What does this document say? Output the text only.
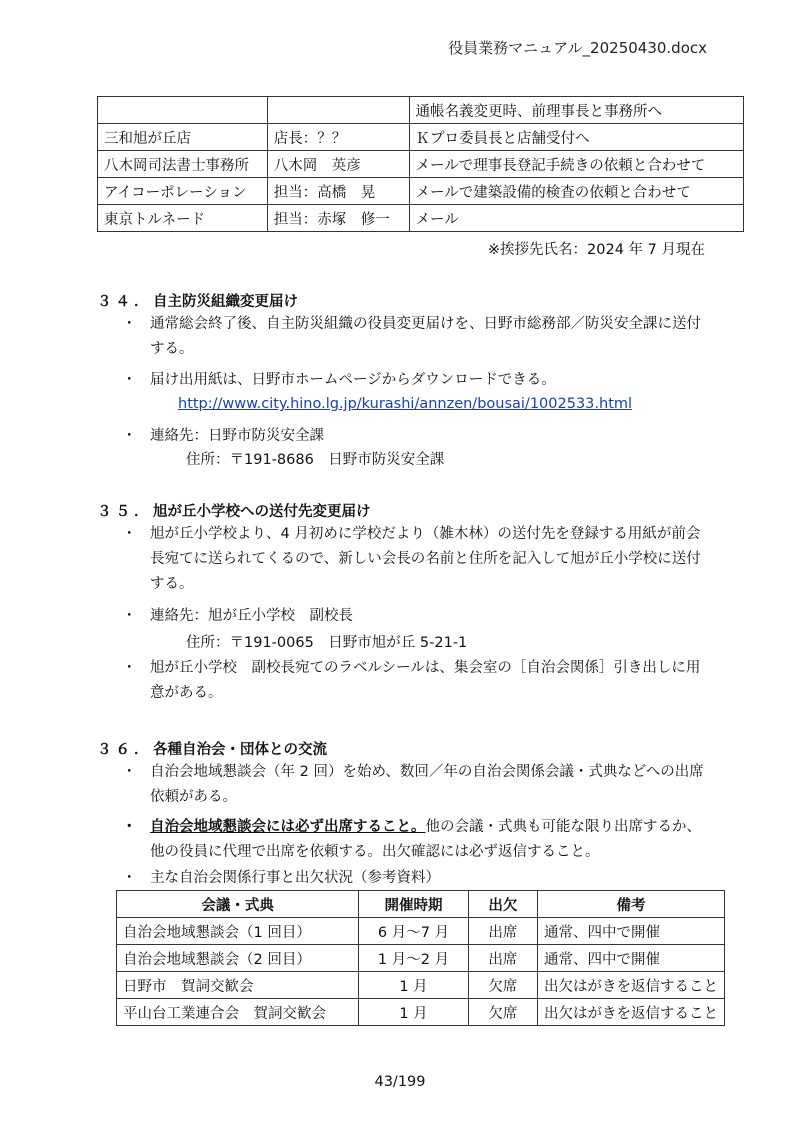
役員業務マニュアル_20250430.docx
		通帳名義変更時、前理事長と事務所へ
三和旭が丘店	店長：？？	Ｋプロ委員長と店舗受付へ
八木岡司法書士事務所	八木岡　英彦	メールで理事長登記手続きの依頼と合わせて
アイコーポレーション	担当：高橋　晃	メールで建築設備的検査の依頼と合わせて
東京トルネード	担当：赤塚　修一	メール
※挨拶先氏名：2024 年 7 月現在
３４．自主防災組織変更届け
・ 通常総会終了後、自主防災組織の役員変更届けを、日野市総務部／防災安全課に送付する。
・ 届け出用紙は、日野市ホームページからダウンロードできる。
http://www.city.hino.lg.jp/kurashi/annzen/bousai/1002533.html
・ 連絡先：日野市防災安全課
住所：〒191-8686　日野市防災安全課
３５．旭が丘小学校への送付先変更届け
・ 旭が丘小学校より、4 月初めに学校だより（雑木林）の送付先を登録する用紙が前会長宛てに送られてくるので、新しい会長の名前と住所を記入して旭が丘小学校に送付する。
・ 連絡先：旭が丘小学校　副校長
住所：〒191-0065　日野市旭が丘 5-21-1
・ 旭が丘小学校　副校長宛てのラベルシールは、集会室の［自治会関係］引き出しに用意がある。
３６．各種自治会・団体との交流
・ 自治会地域懇談会（年 2 回）を始め、数回／年の自治会関係会議・式典などへの出席依頼がある。
・ 自治会地域懇談会には必ず出席すること。他の会議・式典も可能な限り出席するか、他の役員に代理で出席を依頼する。出欠確認には必ず返信すること。
・ 主な自治会関係行事と出欠状況（参考資料）
会議・式典	開催時期	出欠	備考
自治会地域懇談会（1 回目）	6 月〜7 月	出席	通常、四中で開催
自治会地域懇談会（2 回目）	1 月〜2 月	出席	通常、四中で開催
日野市　賀詞交歓会	1 月	欠席	出欠はがきを返信すること
平山台工業連合会　賀詞交歓会	1 月	欠席	出欠はがきを返信すること
43/199
